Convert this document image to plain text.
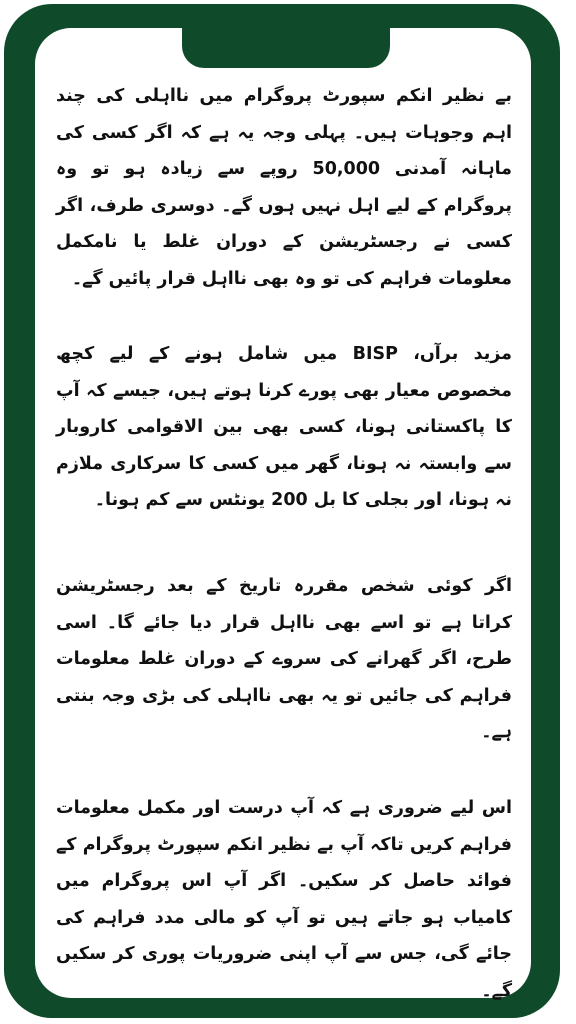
بے نظیر انکم سپورٹ پروگرام میں نااہلی کی چند اہم وجوہات ہیں۔ پہلی وجہ یہ ہے کہ اگر کسی کی ماہانہ آمدنی 50,000 روپے سے زیادہ ہو تو وہ پروگرام کے لیے اہل نہیں ہوں گے۔ دوسری طرف، اگر کسی نے رجسٹریشن کے دوران غلط یا نامکمل معلومات فراہم کی تو وہ بھی نااہل قرار پائیں گے۔

مزید برآں، BISP میں شامل ہونے کے لیے کچھ مخصوص معیار بھی پورے کرنا ہوتے ہیں، جیسے کہ آپ کا پاکستانی ہونا، کسی بھی بین الاقوامی کاروبار سے وابستہ نہ ہونا، گھر میں کسی کا سرکاری ملازم نہ ہونا، اور بجلی کا بل 200 یونٹس سے کم ہونا۔

اگر کوئی شخص مقررہ تاریخ کے بعد رجسٹریشن کراتا ہے تو اسے بھی نااہل قرار دیا جائے گا۔ اسی طرح، اگر گھرانے کی سروے کے دوران غلط معلومات فراہم کی جائیں تو یہ بھی نااہلی کی بڑی وجہ بنتی ہے۔

اس لیے ضروری ہے کہ آپ درست اور مکمل معلومات فراہم کریں تاکہ آپ بے نظیر انکم سپورٹ پروگرام کے فوائد حاصل کر سکیں۔ اگر آپ اس پروگرام میں کامیاب ہو جاتے ہیں تو آپ کو مالی مدد فراہم کی جائے گی، جس سے آپ اپنی ضروریات پوری کر سکیں گے۔
